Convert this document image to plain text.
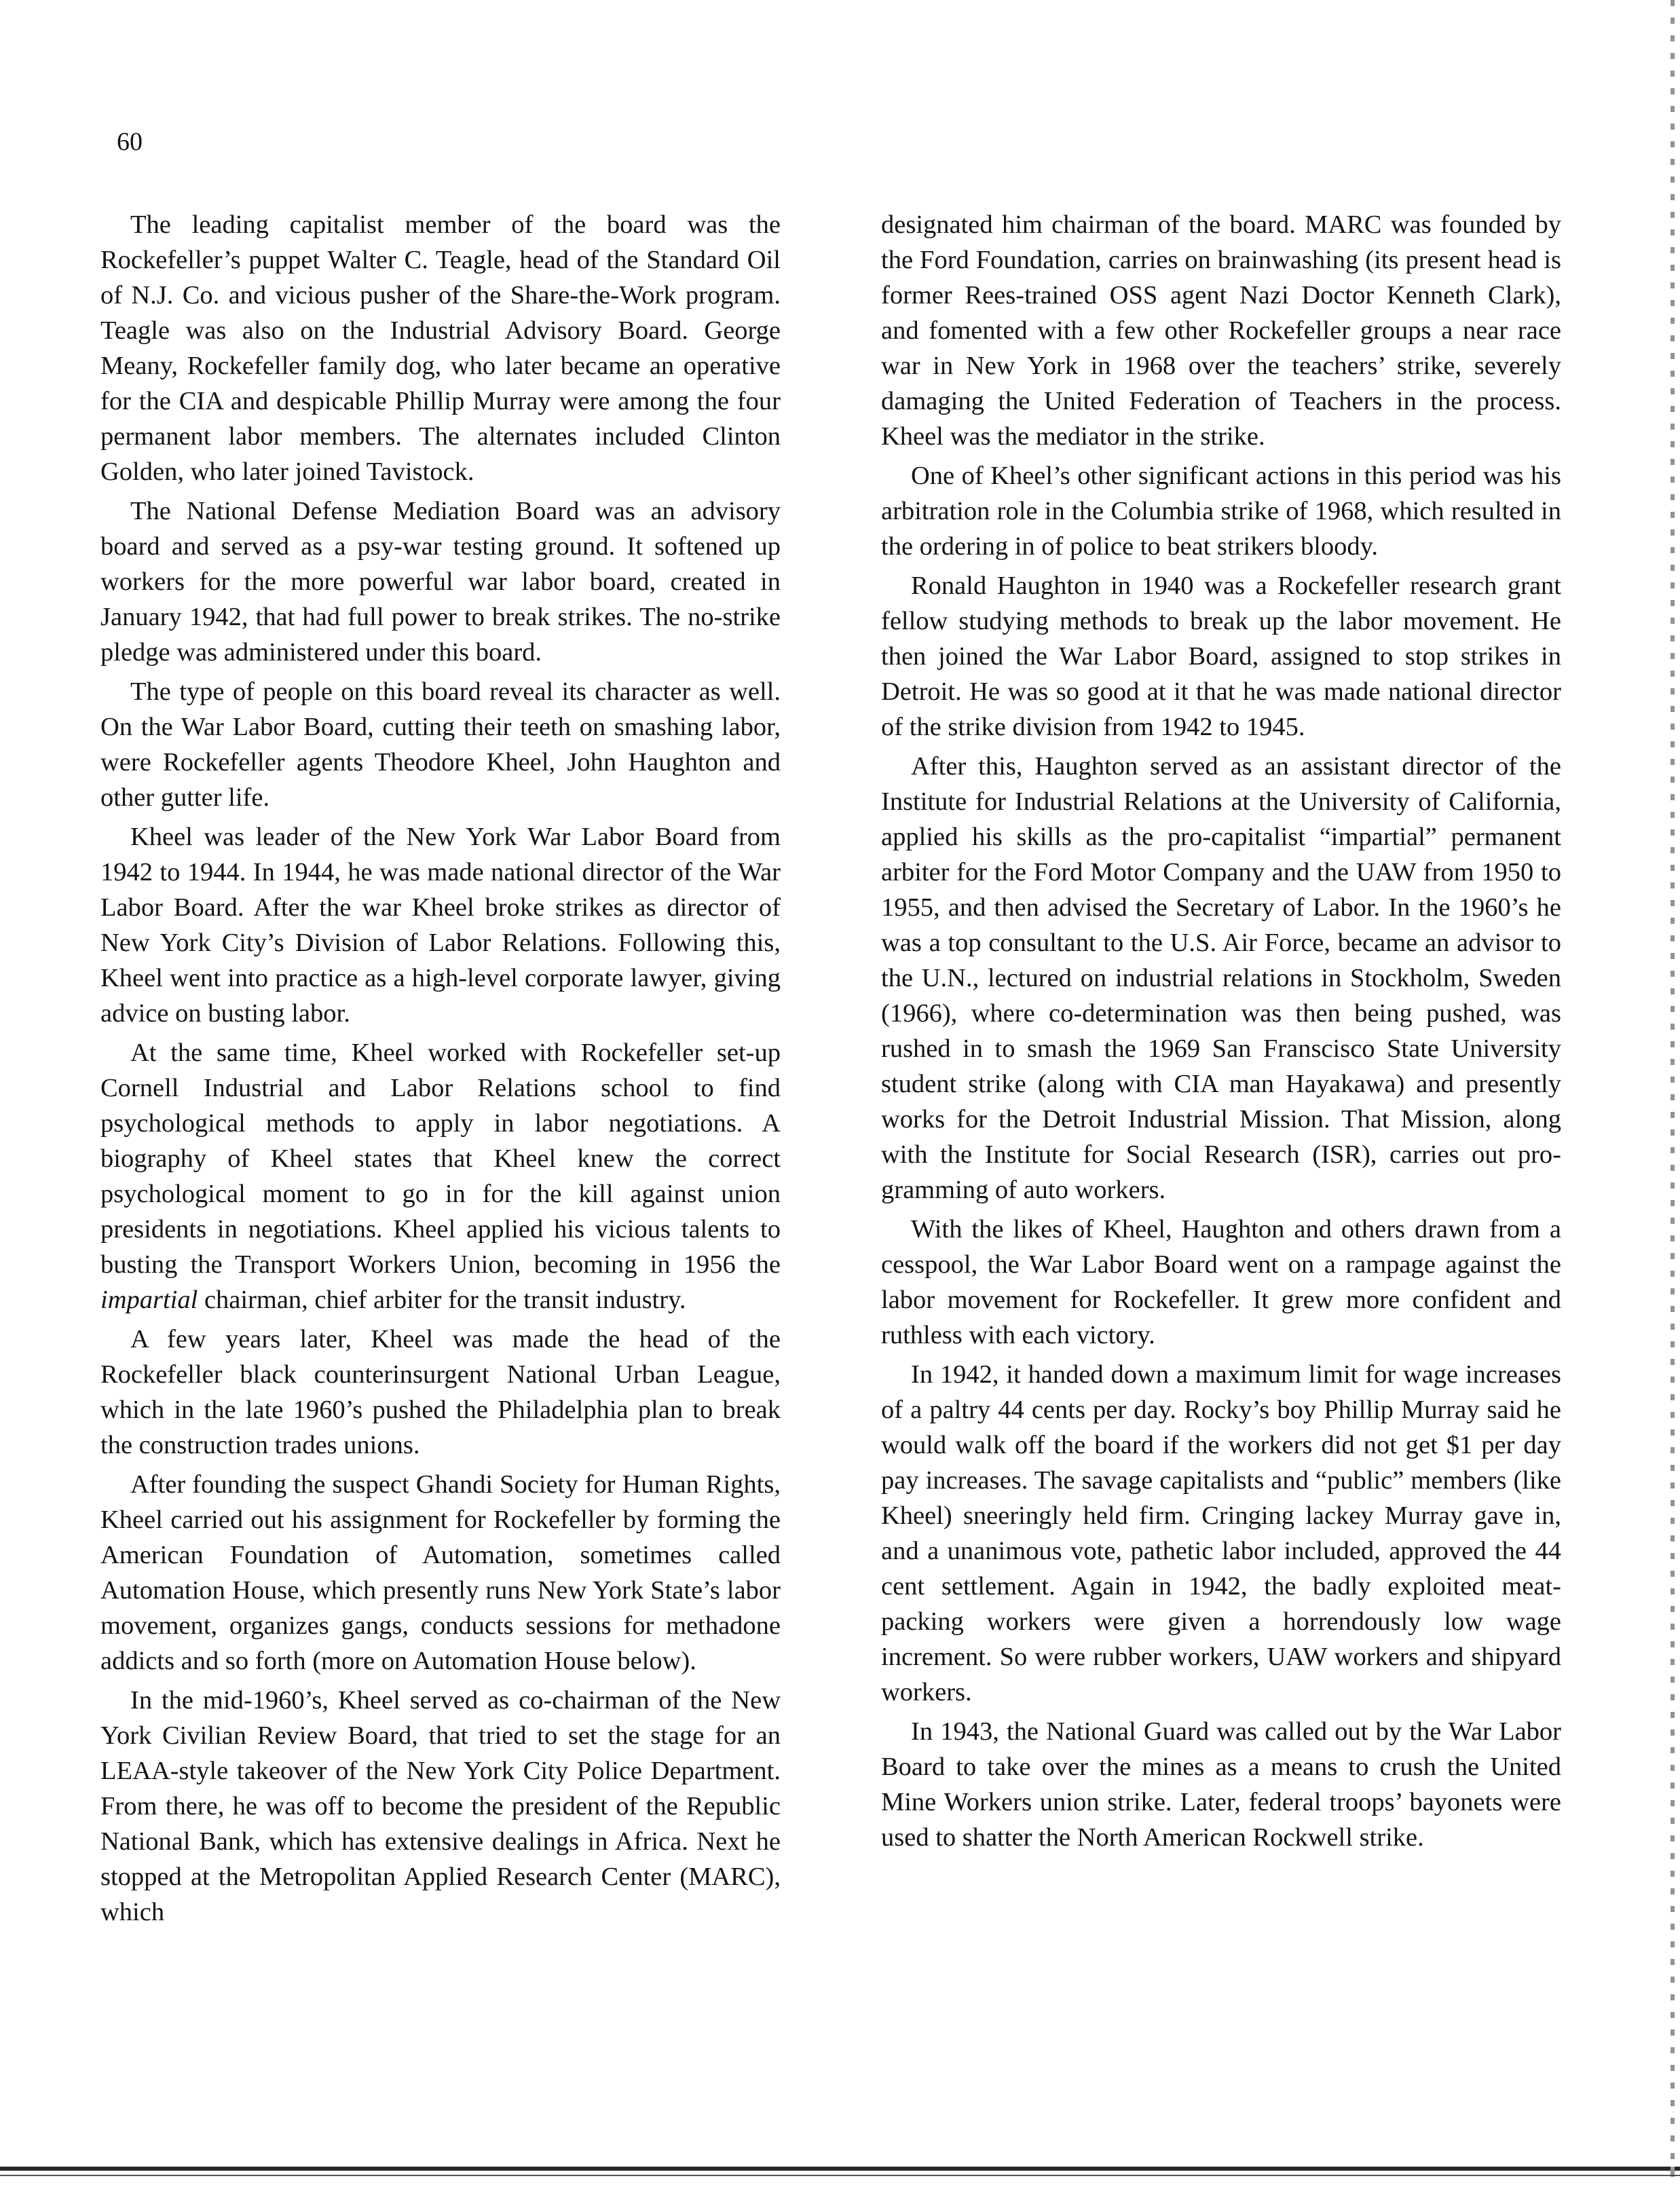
60

The leading capitalist member of the board was the Rockefeller’s puppet Walter C. Teagle, head of the Standard Oil of N.J. Co. and vicious pusher of the Share-the-Work program. Teagle was also on the Industrial Advisory Board. George Meany, Rockefeller family dog, who later became an operative for the CIA and despicable Phillip Murray were among the four permanent labor members. The alternates included Clinton Golden, who later joined Tavistock.

The National Defense Mediation Board was an advisory board and served as a psy-war testing ground. It softened up workers for the more powerful war labor board, created in January 1942, that had full power to break strikes. The no-strike pledge was administered under this board.

The type of people on this board reveal its character as well. On the War Labor Board, cutting their teeth on smashing labor, were Rockefeller agents Theodore Kheel, John Haughton and other gutter life.

Kheel was leader of the New York War Labor Board from 1942 to 1944. In 1944, he was made national director of the War Labor Board. After the war Kheel broke strikes as director of New York City’s Division of Labor Relations. Following this, Kheel went into practice as a high-level corporate lawyer, giving advice on busting labor.

At the same time, Kheel worked with Rockefeller set-up Cornell Industrial and Labor Relations school to find psychological methods to apply in labor negotiations. A biography of Kheel states that Kheel knew the correct psychological moment to go in for the kill against union presidents in negotiations. Kheel applied his vicious talents to busting the Transport Workers Union, becoming in 1956 the impartial chairman, chief arbiter for the transit industry.

A few years later, Kheel was made the head of the Rockefeller black counterinsurgent National Urban League, which in the late 1960’s pushed the Philadelphia plan to break the construction trades unions.

After founding the suspect Ghandi Society for Human Rights, Kheel carried out his assignment for Rockefeller by forming the American Foundation of Automation, sometimes called Automation House, which presently runs New York State’s labor movement, organizes gangs, conducts sessions for methadone addicts and so forth (more on Automation House below).

In the mid-1960’s, Kheel served as co-chairman of the New York Civilian Review Board, that tried to set the stage for an LEAA-style takeover of the New York City Police Department. From there, he was off to become the president of the Republic National Bank, which has extensive dealings in Africa. Next he stopped at the Metropolitan Applied Research Center (MARC), which

designated him chairman of the board. MARC was founded by the Ford Foundation, carries on brainwashing (its present head is former Rees-trained OSS agent Nazi Doctor Kenneth Clark), and fomented with a few other Rockefeller groups a near race war in New York in 1968 over the teachers’ strike, severely damaging the United Federation of Teachers in the process. Kheel was the mediator in the strike.

One of Kheel’s other significant actions in this period was his arbitration role in the Columbia strike of 1968, which resulted in the ordering in of police to beat strikers bloody.

Ronald Haughton in 1940 was a Rockefeller research grant fellow studying methods to break up the labor movement. He then joined the War Labor Board, assigned to stop strikes in Detroit. He was so good at it that he was made national director of the strike division from 1942 to 1945.

After this, Haughton served as an assistant director of the Institute for Industrial Relations at the University of California, applied his skills as the pro-capitalist “impartial” permanent arbiter for the Ford Motor Company and the UAW from 1950 to 1955, and then advised the Secretary of Labor. In the 1960’s he was a top consultant to the U.S. Air Force, became an advisor to the U.N., lectured on industrial relations in Stockholm, Sweden (1966), where co-determination was then being pushed, was rushed in to smash the 1969 San Franscisco State University student strike (along with CIA man Hayakawa) and presently works for the Detroit Industrial Mission. That Mission, along with the Institute for Social Research (ISR), carries out pro-gramming of auto workers.

With the likes of Kheel, Haughton and others drawn from a cesspool, the War Labor Board went on a rampage against the labor movement for Rockefeller. It grew more confident and ruthless with each victory.

In 1942, it handed down a maximum limit for wage increases of a paltry 44 cents per day. Rocky’s boy Phillip Murray said he would walk off the board if the workers did not get $1 per day pay increases. The savage capitalists and “public” members (like Kheel) sneeringly held firm. Cringing lackey Murray gave in, and a unanimous vote, pathetic labor included, approved the 44 cent settlement. Again in 1942, the badly exploited meat-packing workers were given a horrendously low wage increment. So were rubber workers, UAW workers and shipyard workers.

In 1943, the National Guard was called out by the War Labor Board to take over the mines as a means to crush the United Mine Workers union strike. Later, federal troops’ bayonets were used to shatter the North American Rockwell strike.
